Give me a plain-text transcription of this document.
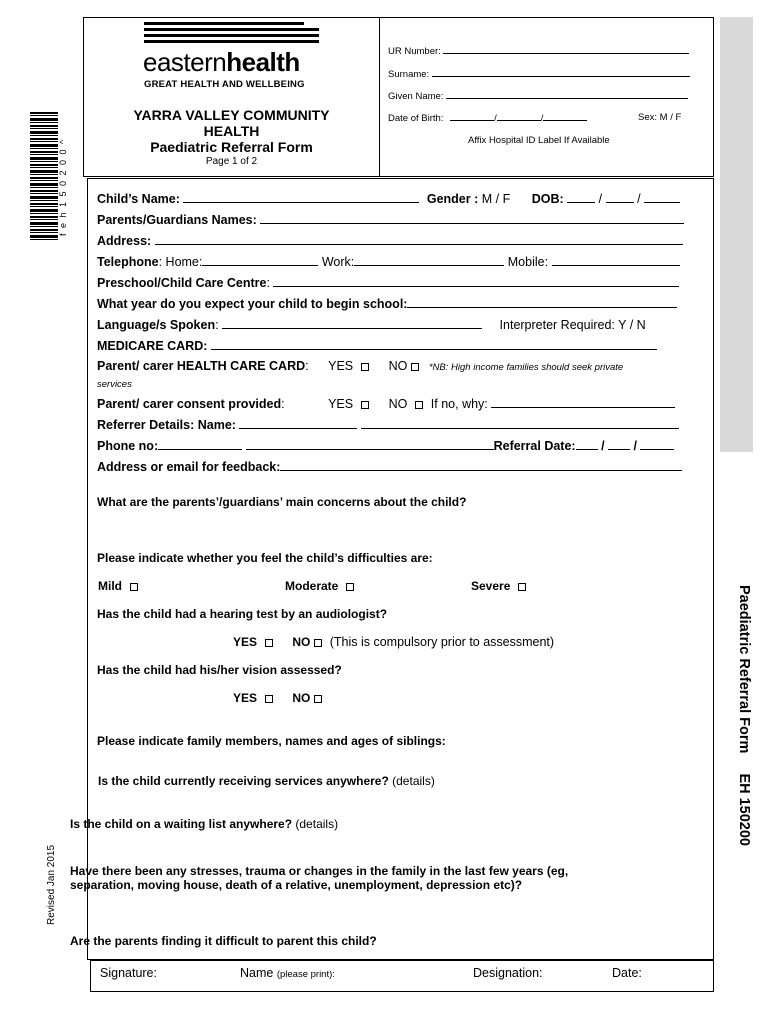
easternhealth
GREAT HEALTH AND WELLBEING
YARRA VALLEY COMMUNITY
HEALTH
Paediatric Referral Form
Page 1 of 2
UR Number:
Surname:
Given Name:
Date of Birth:	/	/	Sex: M / F
Affix Hospital ID Label If Available
f e h 1 5 0 2 0 0 ^ Child’s Name:	Gender : M / F DOB:	/	/
Parents/Guardians Names:
Address:
Telephone: Home:	Work:	Mobile:
Preschool/Child Care Centre:
What year do you expect your child to begin school:
Language/s Spoken:	Interpreter Required: Y / N
MEDICARE CARD:
Parent/ carer HEALTH CARE CARD: YES	NO *NB: High income families should seek private
services
Parent/ carer consent provided:	YES	NO If no, why:
Referrer Details: Name:
Phone no:	Referral Date: / /
Address or email for feedback:
What are the parents’/guardians’ main concerns about the child?
Please indicate whether you feel the child’s difficulties are:
Mild	Moderate	Severe
Has the child had a hearing test by an audiologist?
YES	NO (This is compulsory prior to assessment)
Has the child had his/her vision assessed?
YES	NO
Please indicate family members, names and ages of siblings:
Is the child currently receiving services anywhere? (details)
Is the child on a waiting list anywhere? (details)
Have there been any stresses, trauma or changes in the family in the last few years (eg,
separation, moving house, death of a relative, unemployment, depression etc)?
Are the parents finding it difficult to parent this child?
Signature:	Name (please print):	Designation:	Date:
Revised Jan 2015
Paediatric Referral FormEH 150200
